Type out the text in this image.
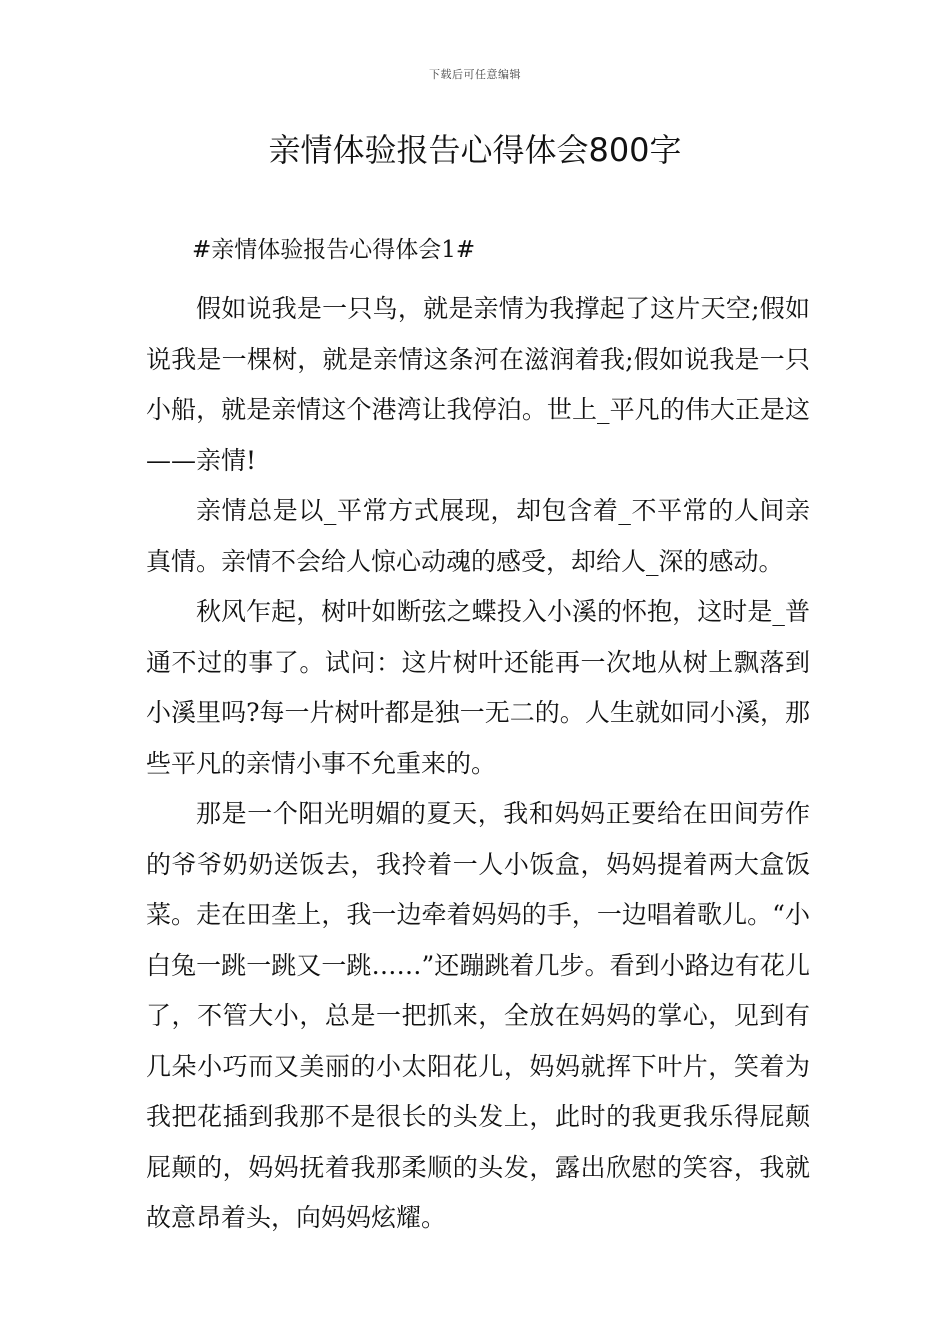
下载后可任意编辑
亲情体验报告心得体会800字

#亲情体验报告心得体会1#

假如说我是一只鸟，就是亲情为我撑起了这片天空;假如说我是一棵树，就是亲情这条河在滋润着我;假如说我是一只小船，就是亲情这个港湾让我停泊。世上_平凡的伟大正是这——亲情!

亲情总是以_平常方式展现，却包含着_不平常的人间亲真情。亲情不会给人惊心动魂的感受，却给人_深的感动。

秋风乍起，树叶如断弦之蝶投入小溪的怀抱，这时是_普通不过的事了。试问：这片树叶还能再一次地从树上飘落到小溪里吗?每一片树叶都是独一无二的。人生就如同小溪，那些平凡的亲情小事不允重来的。

那是一个阳光明媚的夏天，我和妈妈正要给在田间劳作的爷爷奶奶送饭去，我拎着一人小饭盒，妈妈提着两大盒饭菜。走在田垄上，我一边牵着妈妈的手，一边唱着歌儿。“小白兔一跳一跳又一跳……”还蹦跳着几步。看到小路边有花儿了，不管大小，总是一把抓来，全放在妈妈的掌心，见到有几朵小巧而又美丽的小太阳花儿，妈妈就挥下叶片，笑着为我把花插到我那不是很长的头发上，此时的我更我乐得屁颠屁颠的，妈妈抚着我那柔顺的头发，露出欣慰的笑容，我就故意昂着头，向妈妈炫耀。
